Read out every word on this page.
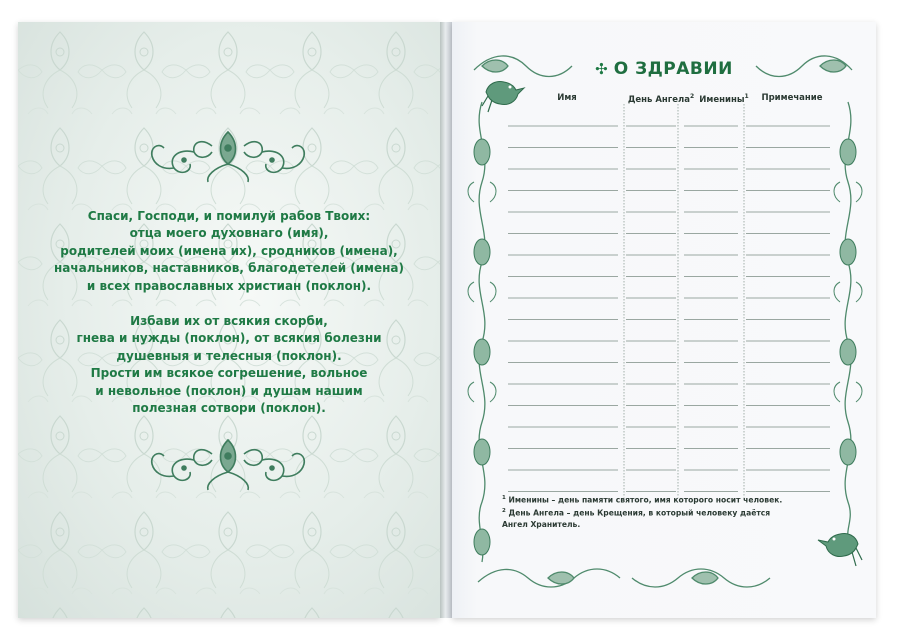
Спаси, Господи, и помилуй рабов Твоих:

отца моего духовнаго (имя),

родителей моих (имена их), сродников (имена),

начальников, наставников, благодетелей (имена)

и всех православных христиан (поклон).

Избави их от всякия скорби,

гнева и нужды (поклон), от всякия болезни

душевныя и телесныя (поклон).

Прости им всякое согрешение, вольное

и невольное (поклон) и душам нашим

полезная сотвори (поклон).

✣ О ЗДРАВИИ
Имя	День Ангела$^2$ Именины$^1$	Примечание

$^1$ Именины – день памяти святого, имя которого носит человек.

$^2$ День Ангела – день Крещения, в который человеку даётся

Ангел Хранитель.
